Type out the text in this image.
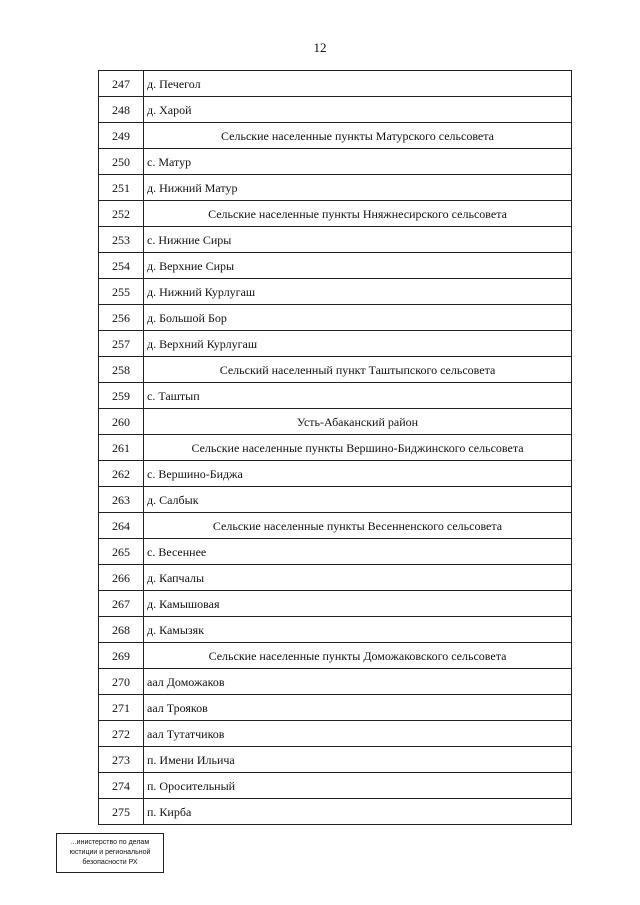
12
247	д. Печегол
248	д. Харой
249	Сельские населенные пункты Матурского сельсовета
250	с. Матур
251	д. Нижний Матур
252	Сельские населенные пункты Нняжнесирского сельсовета
253	с. Нижние Сиры
254	д. Верхние Сиры
255	д. Нижний Курлугаш
256	д. Большой Бор
257	д. Верхний Курлугаш
258	Сельский населенный пункт Таштыпского сельсовета
259	с. Таштып
260	Усть-Абаканский район
261	Сельские населенные пункты Вершино-Биджинского сельсовета
262	с. Вершино-Биджа
263	д. Салбык
264	Сельские населенные пункты Весенненского сельсовета
265	с. Весеннее
266	д. Капчалы
267	д. Камышовая
268	д. Камызяк
269	Сельские населенные пункты Доможаковского сельсовета
270	аал Доможаков
271	аал Трояков
272	аал Тутатчиков
273	п. Имени Ильича
274	п. Оросительный
275	п. Кирба
...инистерство по делам
юстиции и региональной
безопасности РХ
